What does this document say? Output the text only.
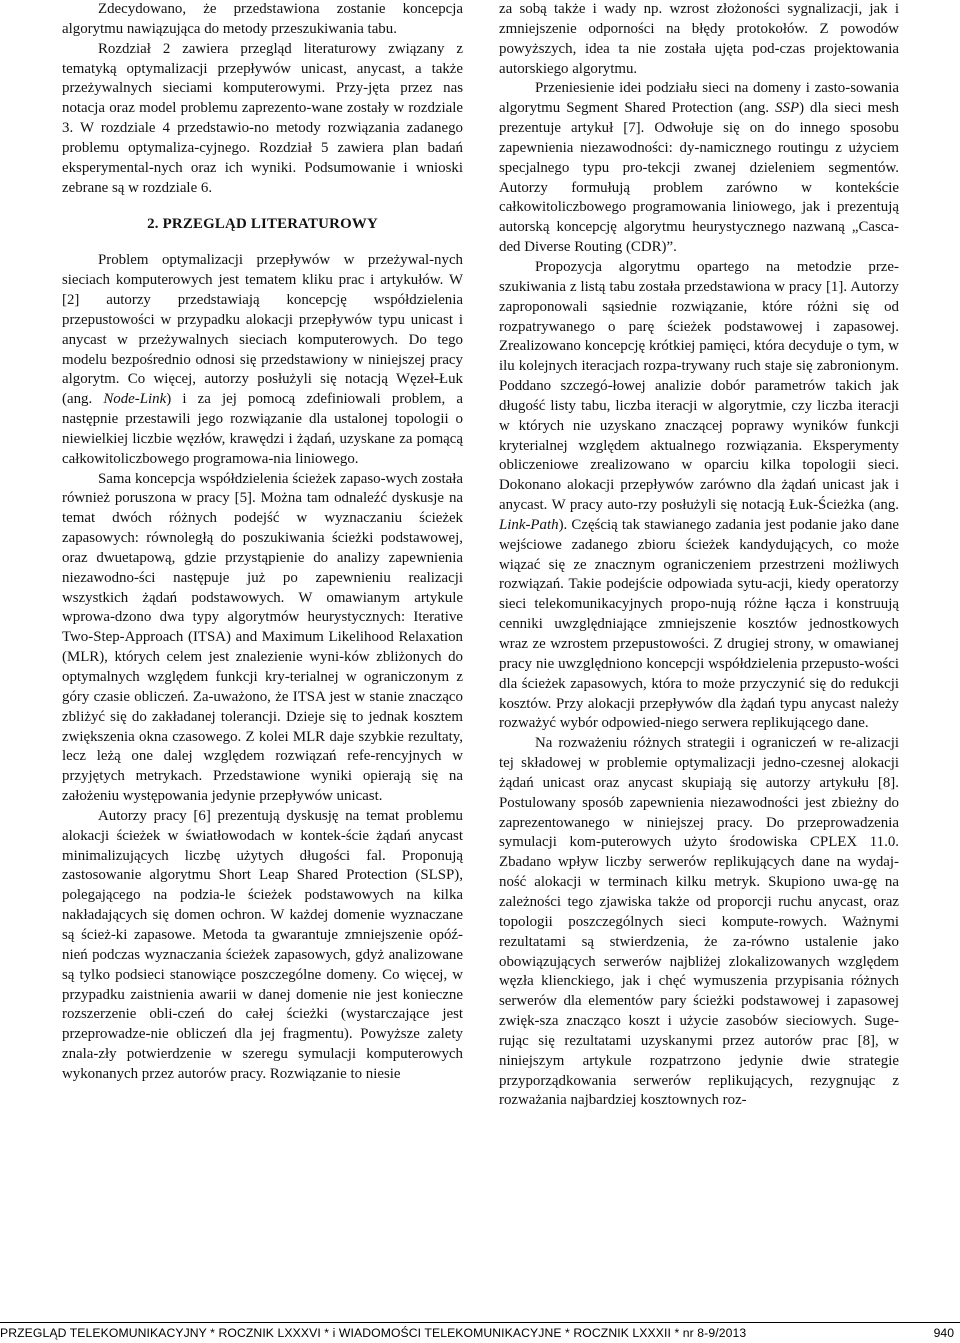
Zdecydowano, że przedstawiona zostanie koncepcja algorytmu nawiązująca do metody przeszukiwania tabu.

Rozdział 2 zawiera przegląd literaturowy związany z tematyką optymalizacji przepływów unicast, anycast, a także przeżywalnych sieciami komputerowymi. Przy-jęta przez nas notacja oraz model problemu zaprezento-wane zostały w rozdziale 3. W rozdziale 4 przedstawio-no metody rozwiązania zadanego problemu optymaliza-cyjnego. Rozdział 5 zawiera plan badań eksperymental-nych oraz ich wyniki. Podsumowanie i wnioski zebrane są w rozdziale 6.

2. PRZEGLĄD LITERATUROWY

Problem optymalizacji przepływów w przeżywal-nych sieciach komputerowych jest tematem kliku prac i artykułów. W [2] autorzy przedstawiają koncepcję współdzielenia przepustowości w przypadku alokacji przepływów typu unicast i anycast w przeżywalnych sieciach komputerowych. Do tego modelu bezpośrednio odnosi się przedstawiony w niniejszej pracy algorytm. Co więcej, autorzy posłużyli się notacją Węzeł-Łuk (ang. Node-Link) i za jej pomocą zdefiniowali problem, a następnie przestawili jego rozwiązanie dla ustalonej topologii o niewielkiej liczbie węzłów, krawędzi i żądań, uzyskane za pomącą całkowitoliczbowego programowa-nia liniowego.

Sama koncepcja współdzielenia ścieżek zapaso-wych została również poruszona w pracy [5]. Można tam odnaleźć dyskusje na temat dwóch różnych podejść w wyznaczaniu ścieżek zapasowych: równoległą do poszukiwania ścieżki podstawowej, oraz dwuetapową, gdzie przystąpienie do analizy zapewnienia niezawodno-ści następuje już po zapewnieniu realizacji wszystkich żądań podstawowych. W omawianym artykule wprowa-dzono dwa typy algorytmów heurystycznych: Iterative Two-Step-Approach (ITSA) and Maximum Likelihood Relaxation (MLR), których celem jest znalezienie wyni-ków zbliżonych do optymalnych względem funkcji kry-terialnej w ograniczonym z góry czasie obliczeń. Za-uważono, że ITSA jest w stanie znacząco zbliżyć się do zakładanej tolerancji. Dzieje się to jednak kosztem zwiększenia okna czasowego. Z kolei MLR daje szybkie rezultaty, lecz leżą one dalej względem rozwiązań refe-rencyjnych w przyjętych metrykach. Przedstawione wyniki opierają się na założeniu występowania jedynie przepływów unicast.

Autorzy pracy [6] prezentują dyskusję na temat problemu alokacji ścieżek w światłowodach w kontek-ście żądań anycast minimalizujących liczbę użytych długości fal. Proponują zastosowanie algorytmu Short Leap Shared Protection (SLSP), polegającego na podzia-le ścieżek podstawowych na kilka nakładających się domen ochron. W każdej domenie wyznaczane są ścież-ki zapasowe. Metoda ta gwarantuje zmniejszenie opóź-nień podczas wyznaczania ścieżek zapasowych, gdyż analizowane są tylko podsieci stanowiące poszczególne domeny. Co więcej, w przypadku zaistnienia awarii w danej domenie nie jest konieczne rozszerzenie obli-czeń do całej ścieżki (wystarczające jest przeprowadze-nie obliczeń dla jej fragmentu). Powyższe zalety znala-zły potwierdzenie w szeregu symulacji komputerowych wykonanych przez autorów pracy. Rozwiązanie to niesie

za sobą także i wady np. wzrost złożoności sygnalizacji, jak i zmniejszenie odporności na błędy protokołów. Z powodów powyższych, idea ta nie została ujęta pod-czas projektowania autorskiego algorytmu.

Przeniesienie idei podziału sieci na domeny i zasto-sowania algorytmu Segment Shared Protection (ang. SSP) dla sieci mesh prezentuje artykuł [7]. Odwołuje się on do innego sposobu zapewnienia niezawodności: dy-namicznego routingu z użyciem specjalnego typu pro-tekcji zwanej dzieleniem segmentów. Autorzy formułują problem zarówno w kontekście całkowitoliczbowego programowania liniowego, jak i prezentują autorską koncepcję algorytmu heurystycznego nazwaną „Casca-ded Diverse Routing (CDR)”.

Propozycja algorytmu opartego na metodzie prze-szukiwania z listą tabu została przedstawiona w pracy [1]. Autorzy zaproponowali sąsiednie rozwiązanie, które różni się od rozpatrywanego o parę ścieżek podstawowej i zapasowej. Zrealizowano koncepcję krótkiej pamięci, która decyduje o tym, w ilu kolejnych iteracjach rozpa-trywany ruch staje się zabronionym. Poddano szczegó-łowej analizie dobór parametrów takich jak długość listy tabu, liczba iteracji w algorytmie, czy liczba iteracji w których nie uzyskano znaczącej poprawy wyników funkcji kryterialnej względem aktualnego rozwiązania. Eksperymenty obliczeniowe zrealizowano w oparciu kilka topologii sieci. Dokonano alokacji przepływów zarówno dla żądań unicast jak i anycast. W pracy auto-rzy posłużyli się notacją Łuk-Ścieżka (ang. Link-Path). Częścią tak stawianego zadania jest podanie jako dane wejściowe zadanego zbioru ścieżek kandydujących, co może wiązać się ze znacznym ograniczeniem przestrzeni możliwych rozwiązań. Takie podejście odpowiada sytu-acji, kiedy operatorzy sieci telekomunikacyjnych propo-nują różne łącza i konstruują cenniki uwzględniające zmniejszenie kosztów jednostkowych wraz ze wzrostem przepustowości. Z drugiej strony, w omawianej pracy nie uwzględniono koncepcji współdzielenia przepusto-wości dla ścieżek zapasowych, która to może przyczynić się do redukcji kosztów. Przy alokacji przepływów dla żądań typu anycast należy rozważyć wybór odpowied-niego serwera replikującego dane.

Na rozważeniu różnych strategii i ograniczeń w re-alizacji tej składowej w problemie optymalizacji jedno-czesnej alokacji żądań unicast oraz anycast skupiają się autorzy artykułu [8]. Postulowany sposób zapewnienia niezawodności jest zbieżny do zaprezentowanego w niniejszej pracy. Do przeprowadzenia symulacji kom-puterowych użyto środowiska CPLEX 11.0. Zbadano wpływ liczby serwerów replikujących dane na wydaj-ność alokacji w terminach kilku metryk. Skupiono uwa-gę na zależności tego zjawiska także od proporcji ruchu anycast, oraz topologii poszczególnych sieci kompute-rowych. Ważnymi rezultatami są stwierdzenia, że za-równo ustalenie jako obowiązujących serwerów najbliżej zlokalizowanych względem węzła klienckiego, jak i chęć wymuszenia przypisania różnych serwerów dla elementów pary ścieżki podstawowej i zapasowej zwięk-sza znacząco koszt i użycie zasobów sieciowych. Suge-rując się rezultatami uzyskanymi przez autorów prac [8], w niniejszym artykule rozpatrzono jedynie dwie strategie przyporządkowania serwerów replikujących, rezygnując z rozważania najbardziej kosztownych roz-

PRZEGLĄD TELEKOMUNIKACYJNY * ROCZNIK LXXXVI * i WIADOMOŚCI TELEKOMUNIKACYJNE * ROCZNIK LXXXII * nr 8-9/2013	940
